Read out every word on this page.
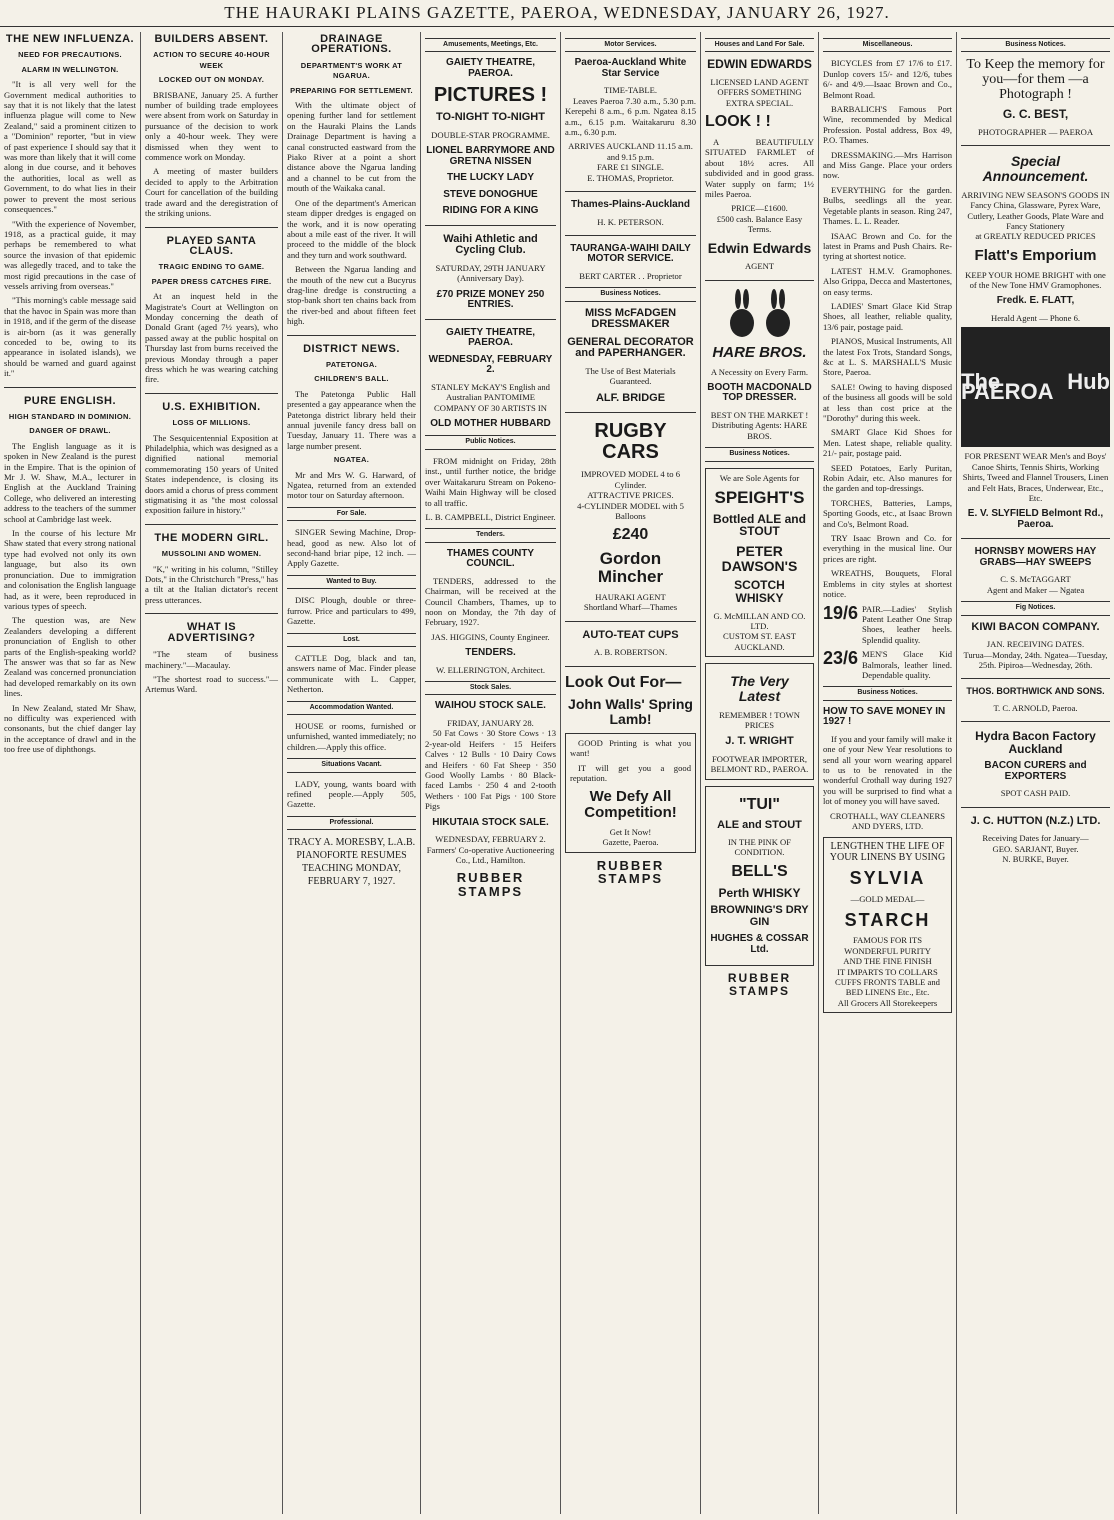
THE HAURAKI PLAINS GAZETTE, PAEROA, WEDNESDAY, JANUARY 26, 1927.
THE NEW INFLUENZA.
NEED FOR PRECAUTIONS.
ALARM IN WELLINGTON.

"It is all very well for the Government medical authorities to say that it is not likely that the latest influenza plague will come to New Zealand," said a prominent citizen to a "Dominion" reporter, "but in view of past experience I should say that it was more than likely that it will come along in due course, and it behoves the authorities, local as well as Government, to do what lies in their power to prevent the most serious consequences."

"With the experience of November, 1918, as a practical guide, it may perhaps be remembered to what source the invasion of that epidemic was allegedly traced, and to take the most rigid precautions in the case of vessels arriving from overseas."

"This morning's cable message said that the havoc in Spain was more than in 1918, and if the germ of the disease is air-born (as it was generally conceded to be, owing to its appearance in isolated islands), we should be warned and guard against it."

PURE ENGLISH.
HIGH STANDARD IN DOMINION.
DANGER OF DRAWL.

The English language as it is spoken in New Zealand is the purest in the Empire. That is the opinion of Mr J. W. Shaw, M.A., lecturer in English at the Auckland Training College, who delivered an interesting address to the teachers of the summer school at Cambridge last week.

In the course of his lecture Mr Shaw stated that every strong national type had evolved not only its own language, but also its own pronunciation. Due to immigration and colonisation the English language had, as it were, been reproduced in various types of speech.

The question was, are New Zealanders developing a different pronunciation of English to other parts of the English-speaking world? The answer was that so far as New Zealand was concerned pronunciation had developed remarkably on its own lines.

In New Zealand, stated Mr Shaw, no difficulty was experienced with consonants, but the chief danger lay in the acceptance of drawl and in the too free use of diphthongs.

BUILDERS ABSENT.
ACTION TO SECURE 40-HOUR WEEK
LOCKED OUT ON MONDAY.

BRISBANE, January 25. A further number of building trade employees were absent from work on Saturday in pursuance of the decision to work only a 40-hour week. They were dismissed when they went to commence work on Monday.

A meeting of master builders decided to apply to the Arbitration Court for cancellation of the building trade award and the deregistration of the striking unions.

PLAYED SANTA CLAUS.
TRAGIC ENDING TO GAME.
PAPER DRESS CATCHES FIRE.

At an inquest held in the Magistrate's Court at Wellington on Monday concerning the death of Donald Grant (aged 7½ years), who passed away at the public hospital on Thursday last from burns received the previous Monday through a paper dress which he was wearing catching fire.

U.S. EXHIBITION.
LOSS OF MILLIONS.

The Sesquicentennial Exposition at Philadelphia, which was designed as a dignified national memorial commemorating 150 years of United States independence, is closing its doors amid a chorus of press comment stigmatising it as "the most colossal exposition failure in history."

THE MODERN GIRL.
MUSSOLINI AND WOMEN.

"K," writing in his column, "Stilley Dots," in the Christchurch "Press," has a tilt at the Italian dictator's recent press utterances.

WHAT IS ADVERTISING?

"The steam of business machinery."—Macaulay.

"The shortest road to success."—Artemus Ward.

DRAINAGE OPERATIONS.
DEPARTMENT'S WORK AT NGARUA.
PREPARING FOR SETTLEMENT.

With the ultimate object of opening further land for settlement on the Hauraki Plains the Lands Drainage Department is having a canal constructed eastward from the Piako River at a point a short distance above the Ngarua landing and a channel to be cut from the mouth of the Waikaka canal.

One of the department's American steam dipper dredges is engaged on the work, and it is now operating about a mile east of the river. It will proceed to the middle of the block and they turn and work southward.

Between the Ngarua landing and the mouth of the new cut a Bucyrus drag-line dredge is constructing a stop-bank short ten chains back from the river-bed and about fifteen feet high.

DISTRICT NEWS.
PATETONGA.
CHILDREN'S BALL.

The Patetonga Public Hall presented a gay appearance when the Patetonga district library held their annual juvenile fancy dress ball on Tuesday, January 11. There was a large number present.

NGATEA.

Mr and Mrs W. G. Harward, of Ngatea, returned from an extended motor tour on Saturday afternoon.

For Sale.

SINGER Sewing Machine, Drop-head, good as new. Also lot of second-hand briar pipe, 12 inch. —Apply Gazette.

Wanted to Buy.

DISC Plough, double or three-furrow. Price and particulars to 499, Gazette.

Lost.

CATTLE Dog, black and tan, answers name of Mac. Finder please communicate with L. Capper, Netherton.

Accommodation Wanted.

HOUSE or rooms, furnished or unfurnished, wanted immediately; no children.—Apply this office.

Situations Vacant.

LADY, young, wants board with refined people.—Apply 505, Gazette.

Professional.
TRACY A. MORESBY, L.A.B. PIANOFORTE RESUMES TEACHING MONDAY, FEBRUARY 7, 1927.
Amusements, Meetings, Etc.
GAIETY THEATRE, PAEROA.
PICTURES !
TO-NIGHT TO-NIGHT
DOUBLE-STAR PROGRAMME.
LIONEL BARRYMORE AND GRETNA NISSEN
THE LUCKY LADY
STEVE DONOGHUE
RIDING FOR A KING
Waihi Athletic and Cycling Club.
SATURDAY, 29TH JANUARY (Anniversary Day).
£70 PRIZE MONEY 250 ENTRIES.
GAIETY THEATRE, PAEROA.
WEDNESDAY, FEBRUARY 2.
STANLEY McKAY'S English and Australian PANTOMIME COMPANY OF 30 ARTISTS IN
OLD MOTHER HUBBARD
Public Notices.

FROM midnight on Friday, 28th inst., until further notice, the bridge over Waitakaruru Stream on Pokeno-Waihi Main Highway will be closed to all traffic.

L. B. CAMPBELL, District Engineer.
Tenders.
THAMES COUNTY COUNCIL.

TENDERS, addressed to the Chairman, will be received at the Council Chambers, Thames, up to noon on Monday, the 7th day of February, 1927.

JAS. HIGGINS, County Engineer.
TENDERS.
W. ELLERINGTON, Architect.
Stock Sales.
WAIHOU STOCK SALE.
FRIDAY, JANUARY 28.

50 Fat Cows · 30 Store Cows · 13 2-year-old Heifers · 15 Heifers Calves · 12 Bulls · 10 Dairy Cows and Heifers · 60 Fat Sheep · 350 Good Woolly Lambs · 80 Black-faced Lambs · 250 4 and 2-tooth Wethers · 100 Fat Pigs · 100 Store Pigs

HIKUTAIA STOCK SALE.
WEDNESDAY, FEBRUARY 2.
Farmers' Co-operative Auctioneering Co., Ltd., Hamilton.
RUBBER STAMPS
Motor Services.
Paeroa-Auckland White Star Service
TIME-TABLE.

Leaves Paeroa 7.30 a.m., 5.30 p.m. Kerepehi 8 a.m., 6 p.m. Ngatea 8.15 a.m., 6.15 p.m. Waitakaruru 8.30 a.m., 6.30 p.m.

ARRIVES AUCKLAND 11.15 a.m. and 9.15 p.m.
FARE £1 SINGLE.
E. THOMAS, Proprietor.
Thames-Plains-Auckland
H. K. PETERSON.
TAURANGA-WAIHI DAILY MOTOR SERVICE.
BERT CARTER . . Proprietor
Business Notices.
MISS McFADGEN DRESSMAKER
GENERAL DECORATOR and PAPERHANGER.
The Use of Best Materials Guaranteed.
ALF. BRIDGE
RUGBY CARS
IMPROVED MODEL 4 to 6 Cylinder.
ATTRACTIVE PRICES.
4-CYLINDER MODEL with 5 Balloons
£240
Gordon Mincher
HAURAKI AGENT
Shortland Wharf—Thames
AUTO-TEAT CUPS
A. B. ROBERTSON.
Look Out For—
John Walls' Spring Lamb!

GOOD Printing is what you want!

IT will get you a good reputation.

We Defy All Competition!
Get It Now!
Gazette, Paeroa.
RUBBER STAMPS
Houses and Land For Sale.
EDWIN EDWARDS
LICENSED LAND AGENT OFFERS SOMETHING EXTRA SPECIAL.
LOOK ! !

A BEAUTIFULLY SITUATED FARMLET of about 18½ acres. All subdivided and in good grass. Water supply on farm; 1½ miles Paeroa.

PRICE—£1600.
£500 cash. Balance Easy Terms.
Edwin Edwards
AGENT
HARE BROS.
A Necessity on Every Farm.
BOOTH MACDONALD TOP DRESSER.
BEST ON THE MARKET !
Distributing Agents: HARE BROS.
Business Notices.
We are Sole Agents for
SPEIGHT'S
Bottled ALE and STOUT
PETER DAWSON'S
SCOTCH WHISKY
G. McMILLAN AND CO. LTD.
CUSTOM ST. EAST AUCKLAND.
The Very Latest
REMEMBER ! TOWN PRICES
J. T. WRIGHT
FOOTWEAR IMPORTER, BELMONT RD., PAEROA.
"TUI"
ALE and STOUT
IN THE PINK OF CONDITION.
BELL'S
Perth WHISKY
BROWNING'S DRY GIN
HUGHES & COSSAR Ltd.
RUBBER STAMPS
Miscellaneous.

BICYCLES from £7 17/6 to £17. Dunlop covers 15/- and 12/6, tubes 6/- and 4/9.—Isaac Brown and Co., Belmont Road.

BARBALICH'S Famous Port Wine, recommended by Medical Profession. Postal address, Box 49, P.O. Thames.

DRESSMAKING.—Mrs Harrison and Miss Gange. Place your orders now.

EVERYTHING for the garden. Bulbs, seedlings all the year. Vegetable plants in season. Ring 247, Thames. L. L. Reader.

ISAAC Brown and Co. for the latest in Prams and Push Chairs. Re-tyring at shortest notice.

LATEST H.M.V. Gramophones. Also Grippa, Decca and Mastertones, on easy terms.

LADIES' Smart Glace Kid Strap Shoes, all leather, reliable quality, 13/6 pair, postage paid.

PIANOS, Musical Instruments, All the latest Fox Trots, Standard Songs, &c at L. S. MARSHALL'S Music Store, Paeroa.

SALE! Owing to having disposed of the business all goods will be sold at less than cost price at the "Dorothy" during this week.

SMART Glace Kid Shoes for Men. Latest shape, reliable quality. 21/- pair, postage paid.

SEED Potatoes, Early Puritan, Robin Adair, etc. Also manures for the garden and top-dressings.

TORCHES, Batteries, Lamps, Sporting Goods, etc., at Isaac Brown and Co's, Belmont Road.

TRY Isaac Brown and Co. for everything in the musical line. Our prices are right.

WREATHS, Bouquets, Floral Emblems in city styles at shortest notice.

19/6 PAIR.—Ladies' Stylish Patent Leather One Strap Shoes, leather heels. Splendid quality.
23/6 MEN'S Glace Kid Balmorals, leather lined. Dependable quality.
Business Notices.
HOW TO SAVE MONEY IN 1927 !

If you and your family will make it one of your New Year resolutions to send all your worn wearing apparel to us to be renovated in the wonderful Crothall way during 1927 you will be surprised to find what a lot of money you will have saved.

CROTHALL, WAY CLEANERS AND DYERS, LTD.
LENGTHEN THE LIFE OF YOUR LINENS BY USING
SYLVIA
—GOLD MEDAL—
STARCH
FAMOUS FOR ITS WONDERFUL PURITY
AND THE FINE FINISH
IT IMPARTS TO COLLARS CUFFS FRONTS TABLE and BED LINENS Etc., Etc.
All Grocers All Storekeepers
Business Notices.
To Keep the memory for you—for them —a Photograph !
G. C. BEST,
PHOTOGRAPHER — PAEROA
Special Announcement.
ARRIVING NEW SEASON'S GOODS IN Fancy China, Glassware, Pyrex Ware, Cutlery, Leather Goods, Plate Ware and Fancy Stationery
at GREATLY REDUCED PRICES
Flatt's Emporium
KEEP YOUR HOME BRIGHT with one of the New Tone HMV Gramophones.
Fredk. E. FLATT,
Herald Agent — Phone 6.
The Hub PAEROA
FOR PRESENT WEAR Men's and Boys' Canoe Shirts, Tennis Shirts, Working Shirts, Tweed and Flannel Trousers, Linen and Felt Hats, Braces, Underwear, Etc., Etc.
E. V. SLYFIELD Belmont Rd., Paeroa.
HORNSBY MOWERS HAY GRABS—HAY SWEEPS
C. S. McTAGGART
Agent and Maker — Ngatea
Fig Notices.
KIWI BACON COMPANY.
JAN. RECEIVING DATES.
Turua—Monday, 24th. Ngatea—Tuesday, 25th. Pipiroa—Wednesday, 26th.
THOS. BORTHWICK AND SONS.
T. C. ARNOLD, Paeroa.
Hydra Bacon Factory Auckland
BACON CURERS and EXPORTERS
SPOT CASH PAID.
J. C. HUTTON (N.Z.) LTD.
Receiving Dates for January—
GEO. SARJANT, Buyer.
N. BURKE, Buyer.
